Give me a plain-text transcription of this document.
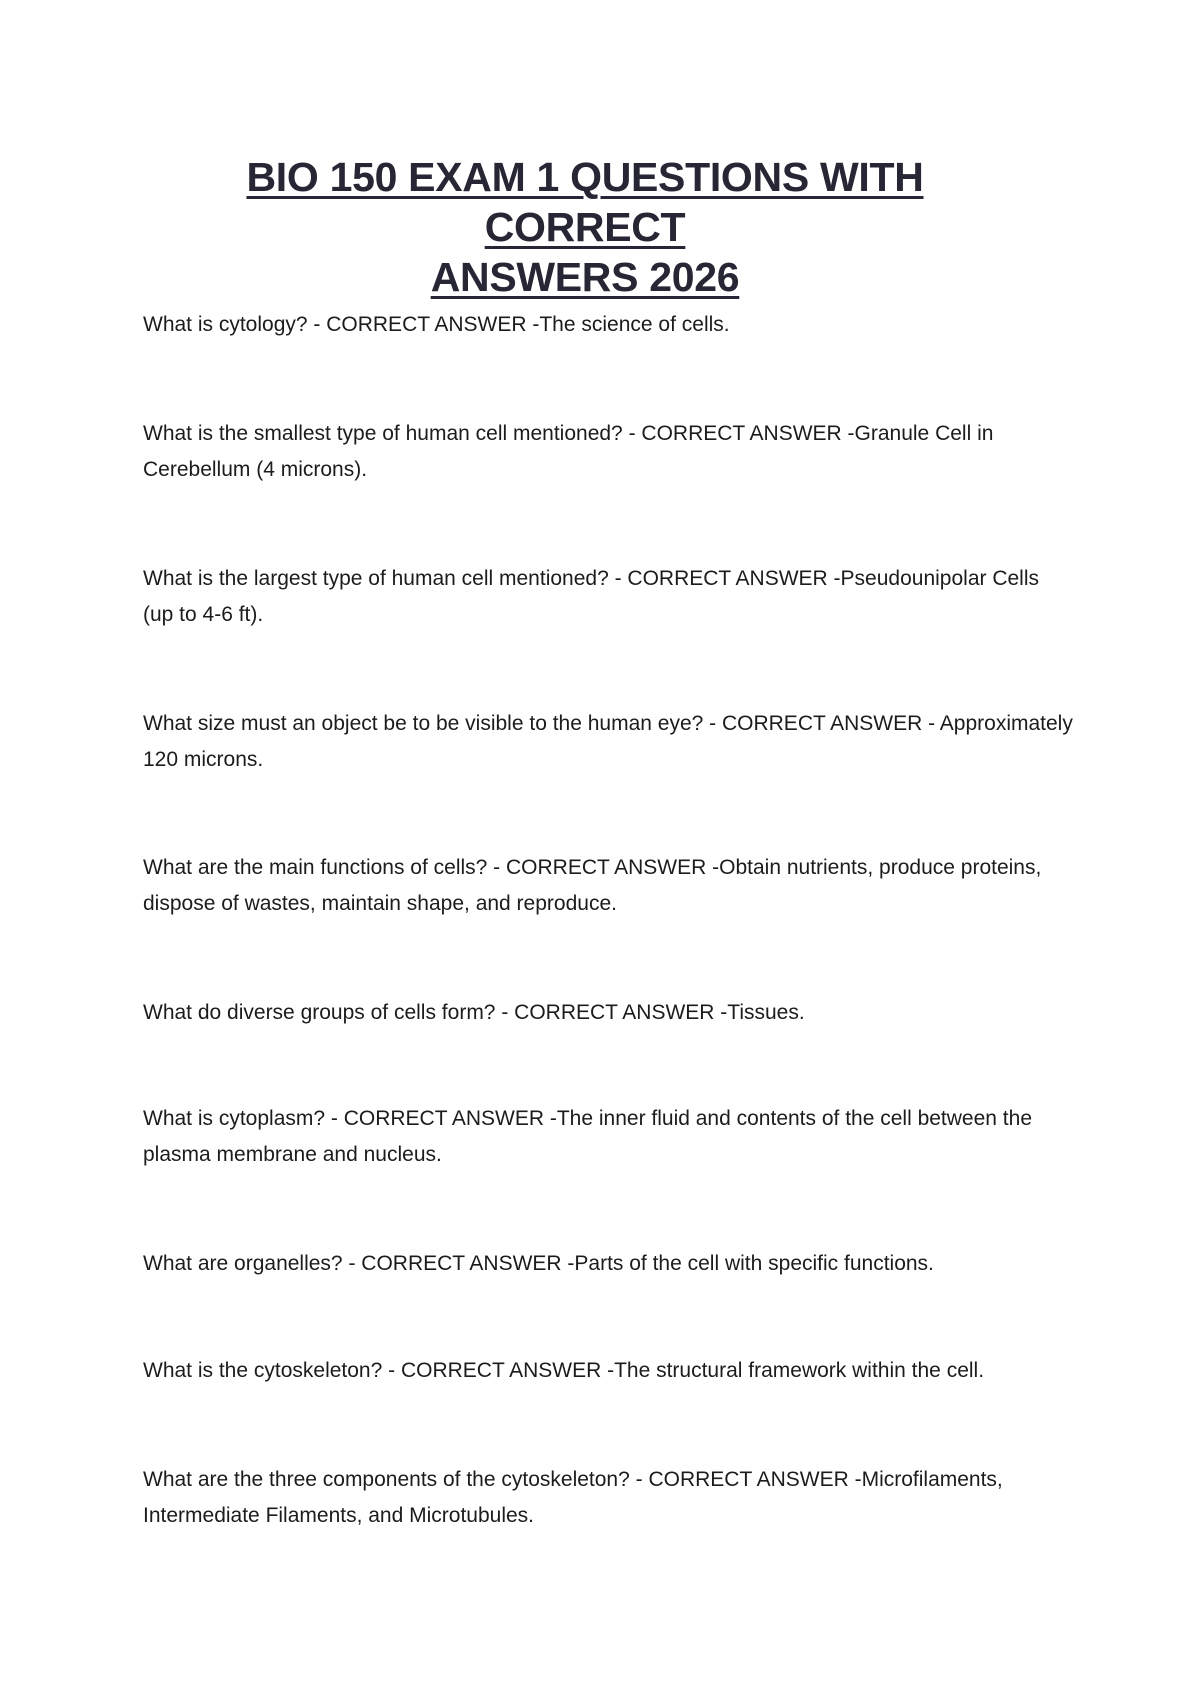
BIO 150 EXAM 1 QUESTIONS WITH CORRECT
ANSWERS 2026

What is cytology? - CORRECT ANSWER -The science of cells.

What is the smallest type of human cell mentioned? - CORRECT ANSWER -Granule Cell in Cerebellum (4 microns).

What is the largest type of human cell mentioned? - CORRECT ANSWER -Pseudounipolar Cells (up to 4-6 ft).

What size must an object be to be visible to the human eye? - CORRECT ANSWER - Approximately 120 microns.

What are the main functions of cells? - CORRECT ANSWER -Obtain nutrients, produce proteins, dispose of wastes, maintain shape, and reproduce.

What do diverse groups of cells form? - CORRECT ANSWER -Tissues.

What is cytoplasm? - CORRECT ANSWER -The inner fluid and contents of the cell between the plasma membrane and nucleus.

What are organelles? - CORRECT ANSWER -Parts of the cell with specific functions.

What is the cytoskeleton? - CORRECT ANSWER -The structural framework within the cell.

What are the three components of the cytoskeleton? - CORRECT ANSWER -Microfilaments, Intermediate Filaments, and Microtubules.
